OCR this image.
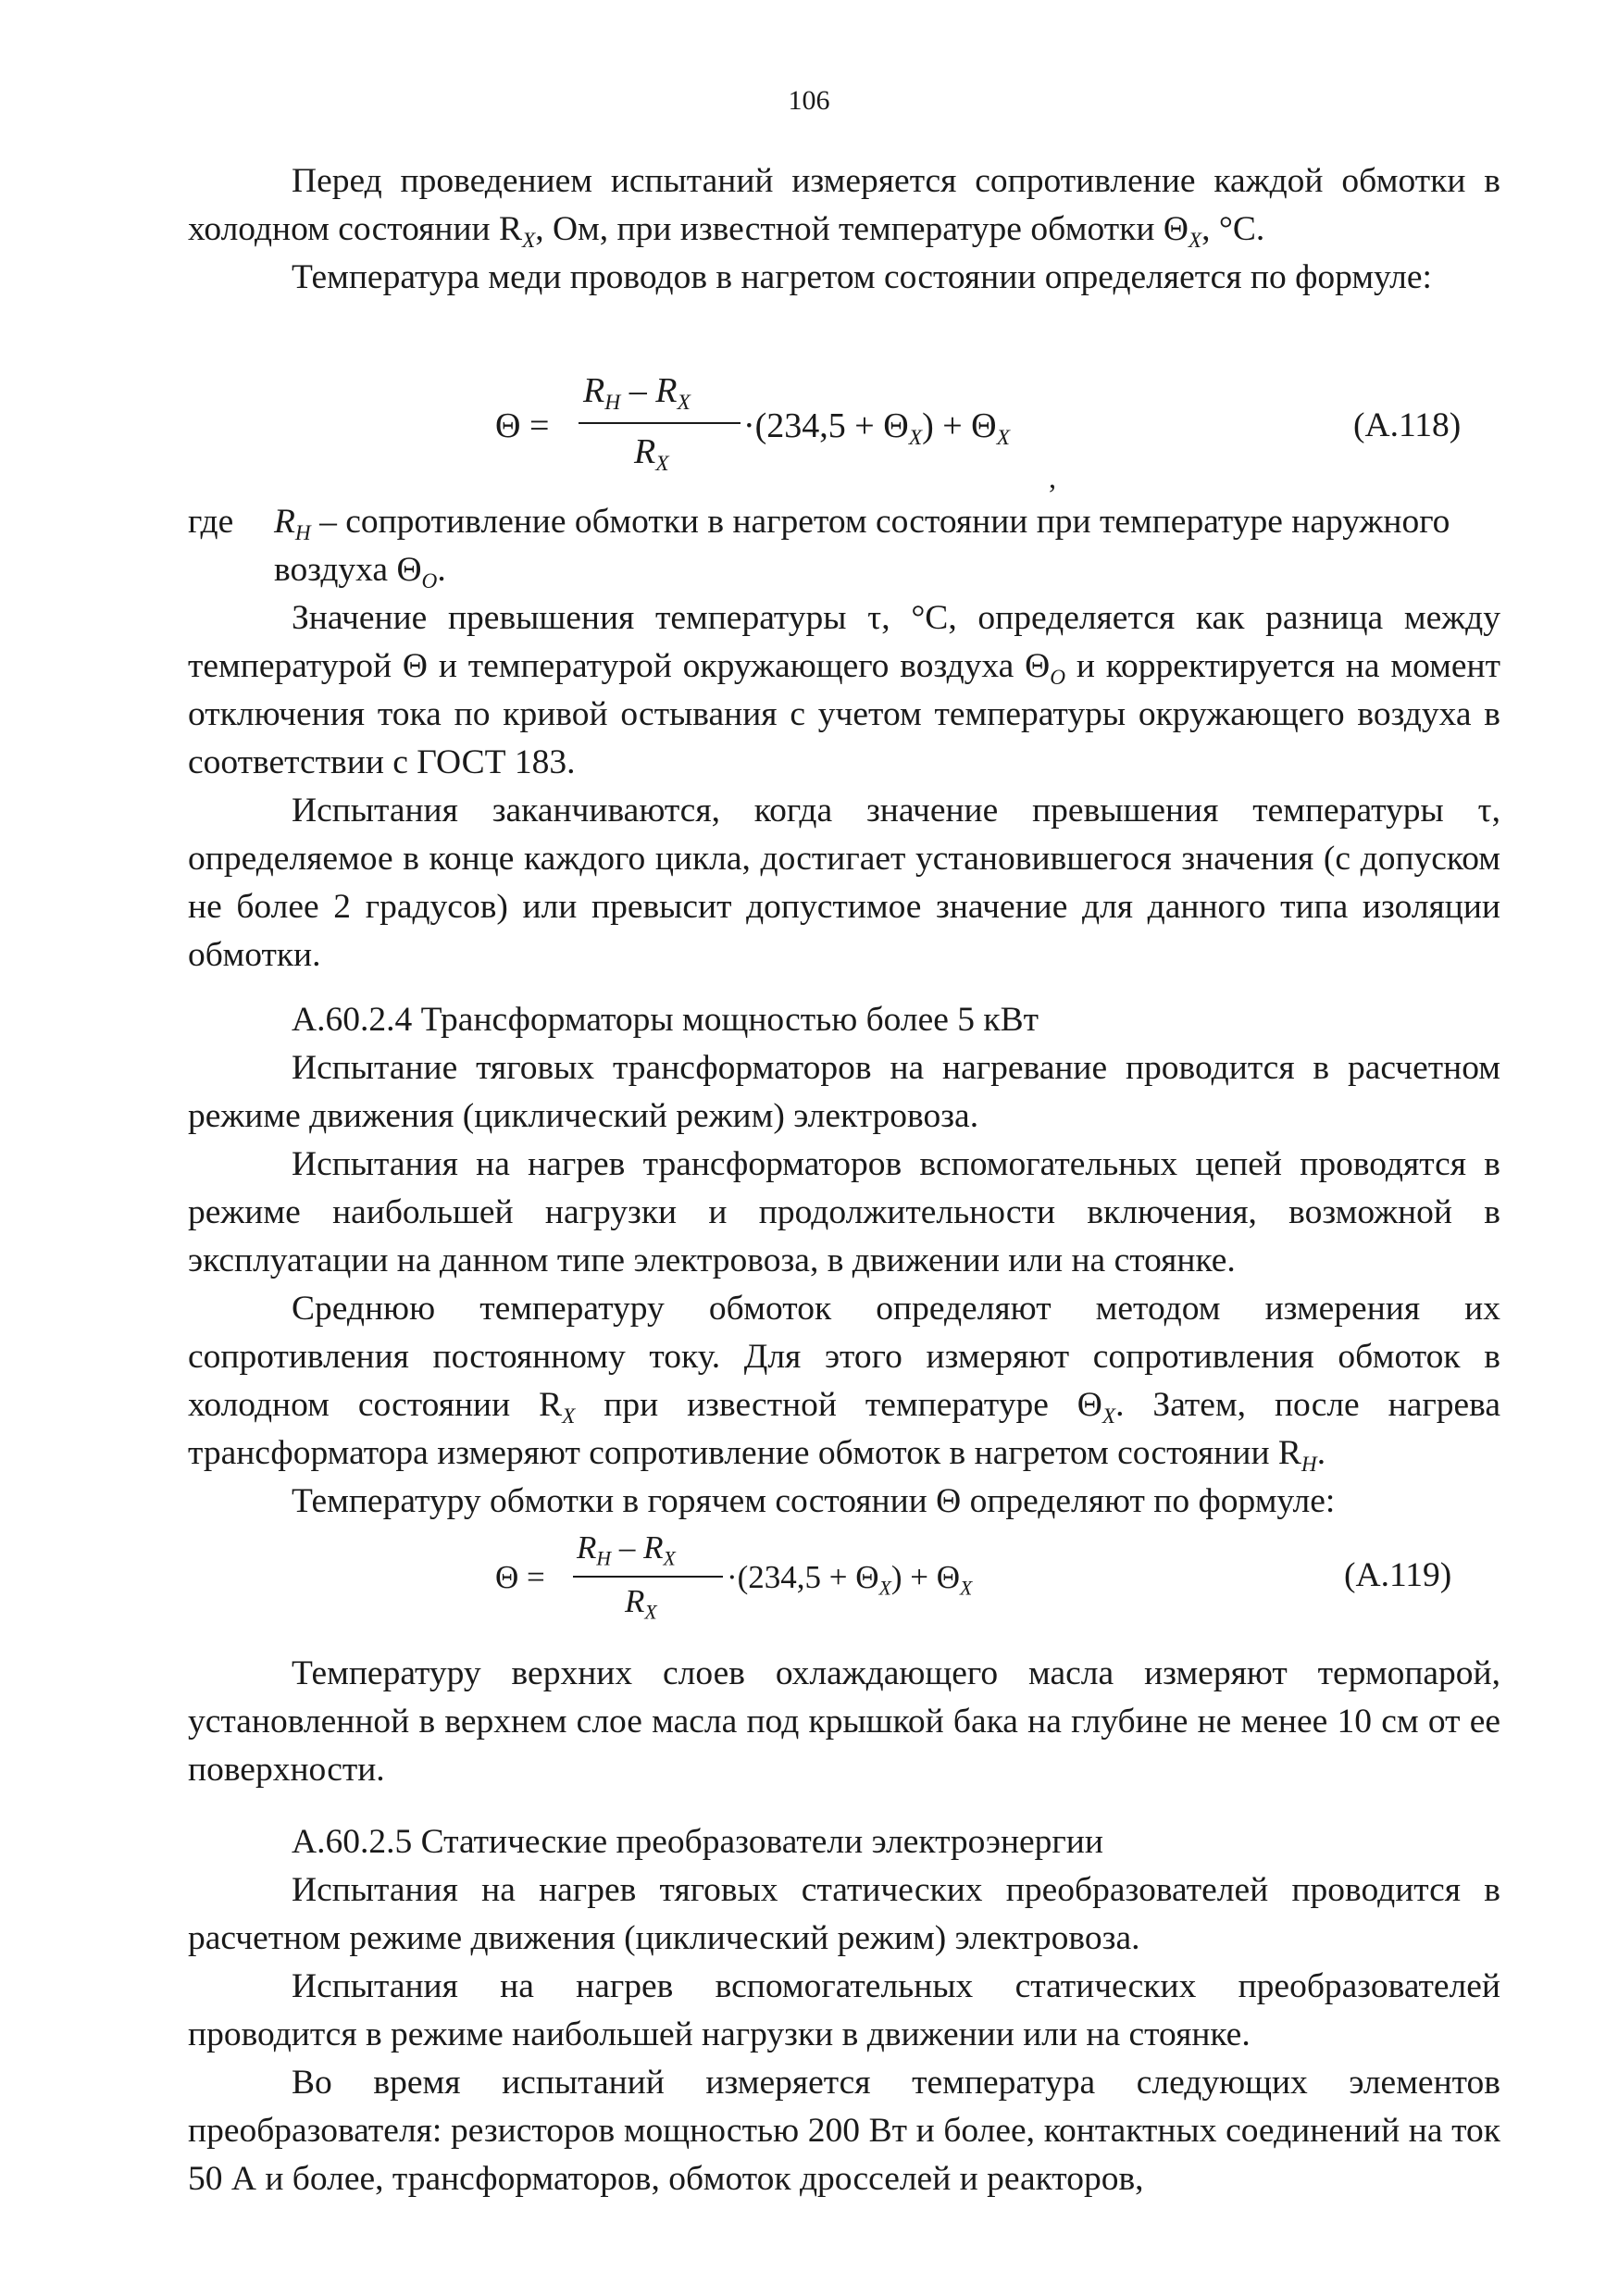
106

Перед проведением испытаний измеряется сопротивление каждой обмотки в холодном состоянии $R_X$, Ом, при известной температуре обмотки $\Theta_X$, °С.

Температура меди проводов в нагретом состоянии определяется по формуле:

Θ =
$R_H - R_X$
$R_X$
$\cdot(234,5 + \Theta_X) + \Theta_X$
,
(А.118)
где $R_H$ – сопротивление обмотки в нагретом состоянии при температуре наружного воздуха $\Theta_O$.

Значение превышения температуры τ, °С, определяется как разница между температурой Θ и температурой окружающего воздуха $\Theta_O$ и корректируется на момент отключения тока по кривой остывания с учетом температуры окружающего воздуха в соответствии с ГОСТ 183.

Испытания заканчиваются, когда значение превышения температуры τ, определяемое в конце каждого цикла, достигает установившегося значения (с допуском не более 2 градусов) или превысит допустимое значение для данного типа изоляции обмотки.

А.60.2.4 Трансформаторы мощностью более 5 кВт

Испытание тяговых трансформаторов на нагревание проводится в расчетном режиме движения (циклический режим) электровоза.

Испытания на нагрев трансформаторов вспомогательных цепей проводятся в режиме наибольшей нагрузки и продолжительности включения, возможной в эксплуатации на данном типе электровоза, в движении или на стоянке.

Среднюю температуру обмоток определяют методом измерения их сопротивления постоянному току. Для этого измеряют сопротивления обмоток в холодном состоянии $R_X$ при известной температуре $\Theta_X$. Затем, после нагрева трансформатора измеряют сопротивление обмоток в нагретом состоянии $R_H$.

Температуру обмотки в горячем состоянии Θ определяют по формуле:

Θ =
$R_H - R_X$
$R_X$
$\cdot(234,5 + \Theta_X) + \Theta_X$	(А.119)

Температуру верхних слоев охлаждающего масла измеряют термопарой, установленной в верхнем слое масла под крышкой бака на глубине не менее 10 см от ее поверхности.

А.60.2.5 Статические преобразователи электроэнергии

Испытания на нагрев тяговых статических преобразователей проводится в расчетном режиме движения (циклический режим) электровоза.

Испытания на нагрев вспомогательных статических преобразователей проводится в режиме наибольшей нагрузки в движении или на стоянке.

Во время испытаний измеряется температура следующих элементов преобразователя: резисторов мощностью 200 Вт и более, контактных соединений на ток 50 А и более, трансформаторов, обмоток дросселей и реакторов,
